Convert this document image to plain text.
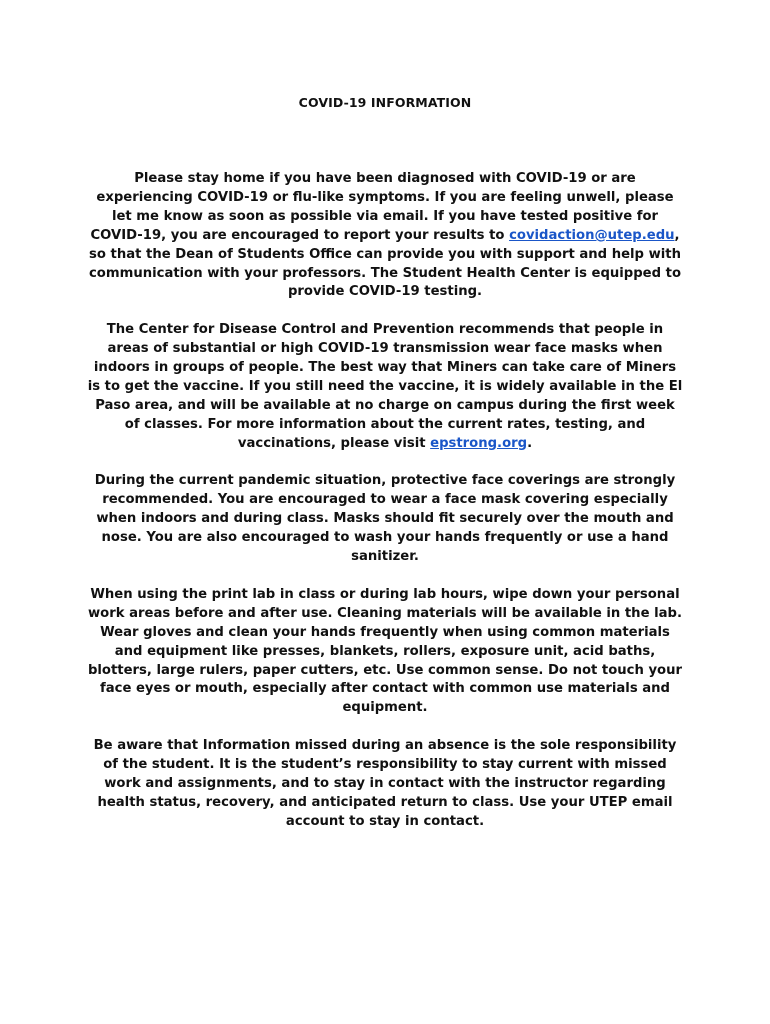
COVID-19 INFORMATION

Please stay home if you have been diagnosed with COVID-19 or are experiencing COVID-19 or flu-like symptoms. If you are feeling unwell, please let me know as soon as possible via email. If you have tested positive for COVID-19, you are encouraged to report your results to covidaction@utep.edu, so that the Dean of Students Office can provide you with support and help with communication with your professors. The Student Health Center is equipped to provide COVID-19 testing.

The Center for Disease Control and Prevention recommends that people in areas of substantial or high COVID-19 transmission wear face masks when indoors in groups of people. The best way that Miners can take care of Miners is to get the vaccine. If you still need the vaccine, it is widely available in the El Paso area, and will be available at no charge on campus during the first week of classes. For more information about the current rates, testing, and vaccinations, please visit epstrong.org.

During the current pandemic situation, protective face coverings are strongly recommended. You are encouraged to wear a face mask covering especially when indoors and during class. Masks should fit securely over the mouth and nose. You are also encouraged to wash your hands frequently or use a hand sanitizer.

When using the print lab in class or during lab hours, wipe down your personal work areas before and after use. Cleaning materials will be available in the lab. Wear gloves and clean your hands frequently when using common materials and equipment like presses, blankets, rollers, exposure unit, acid baths, blotters, large rulers, paper cutters, etc. Use common sense. Do not touch your face eyes or mouth, especially after contact with common use materials and equipment.

Be aware that Information missed during an absence is the sole responsibility of the student. It is the student’s responsibility to stay current with missed work and assignments, and to stay in contact with the instructor regarding health status, recovery, and anticipated return to class. Use your UTEP email account to stay in contact.
